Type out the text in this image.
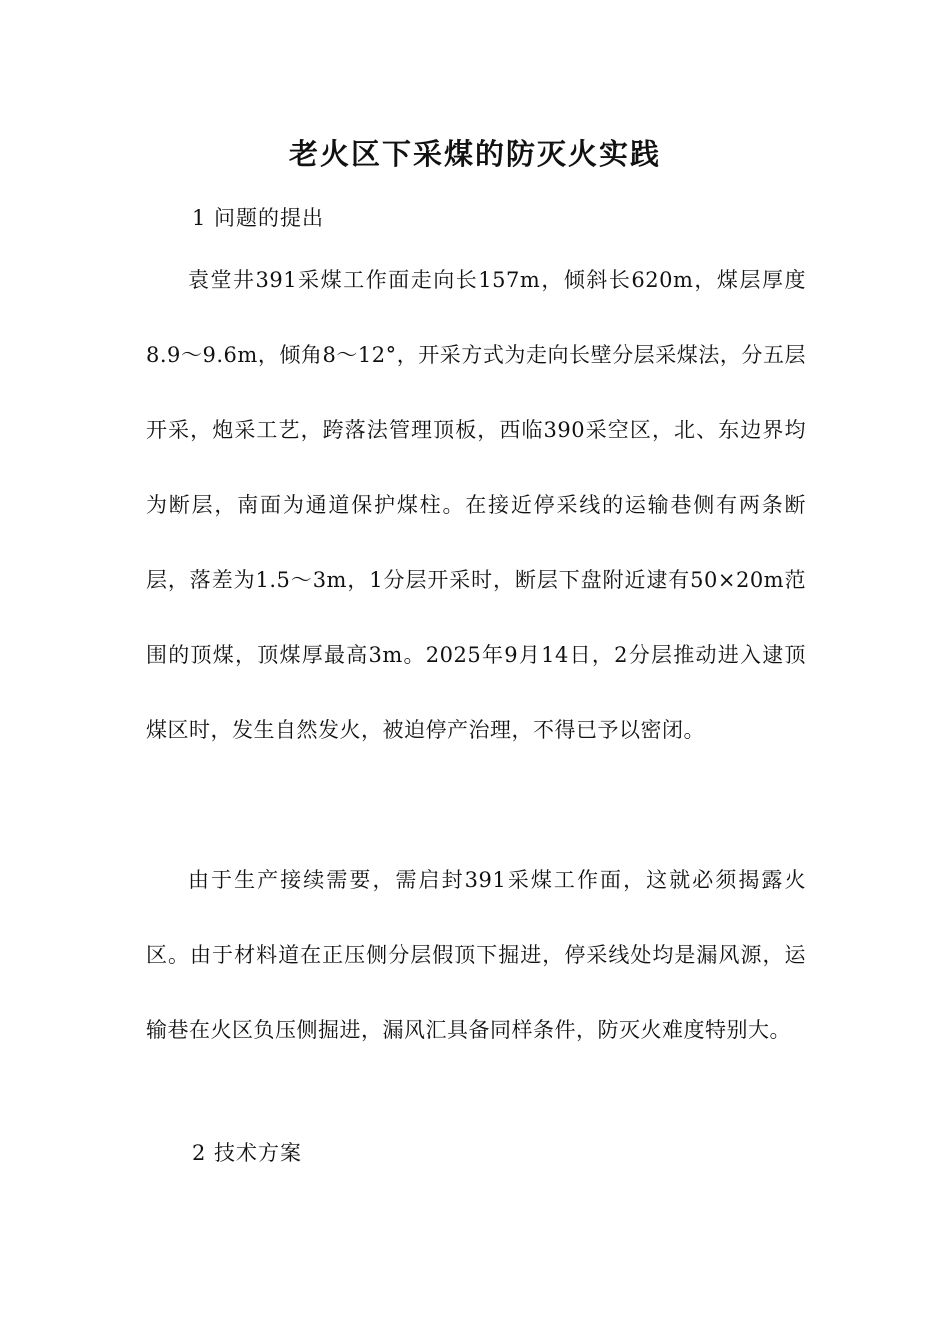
老火区下采煤的防灭火实践
1 问题的提出

袁堂井391采煤工作面走向长157m，倾斜长620m，煤层厚度8.9～9.6m，倾角8～12°，开采方式为走向长壁分层采煤法，分五层开采，炮采工艺，跨落法管理顶板，西临390采空区，北、东边界均为断层，南面为通道保护煤柱。在接近停采线的运输巷侧有两条断层，落差为1.5～3m，1分层开采时，断层下盘附近逮有50×20m范围的顶煤，顶煤厚最高3m。2025年9月14日，2分层推动进入逮顶煤区时，发生自然发火，被迫停产治理，不得已予以密闭。

由于生产接续需要，需启封391采煤工作面，这就必须揭露火区。由于材料道在正压侧分层假顶下掘进，停采线处均是漏风源，运输巷在火区负压侧掘进，漏风汇具备同样条件，防灭火难度特别大。

2 技术方案
